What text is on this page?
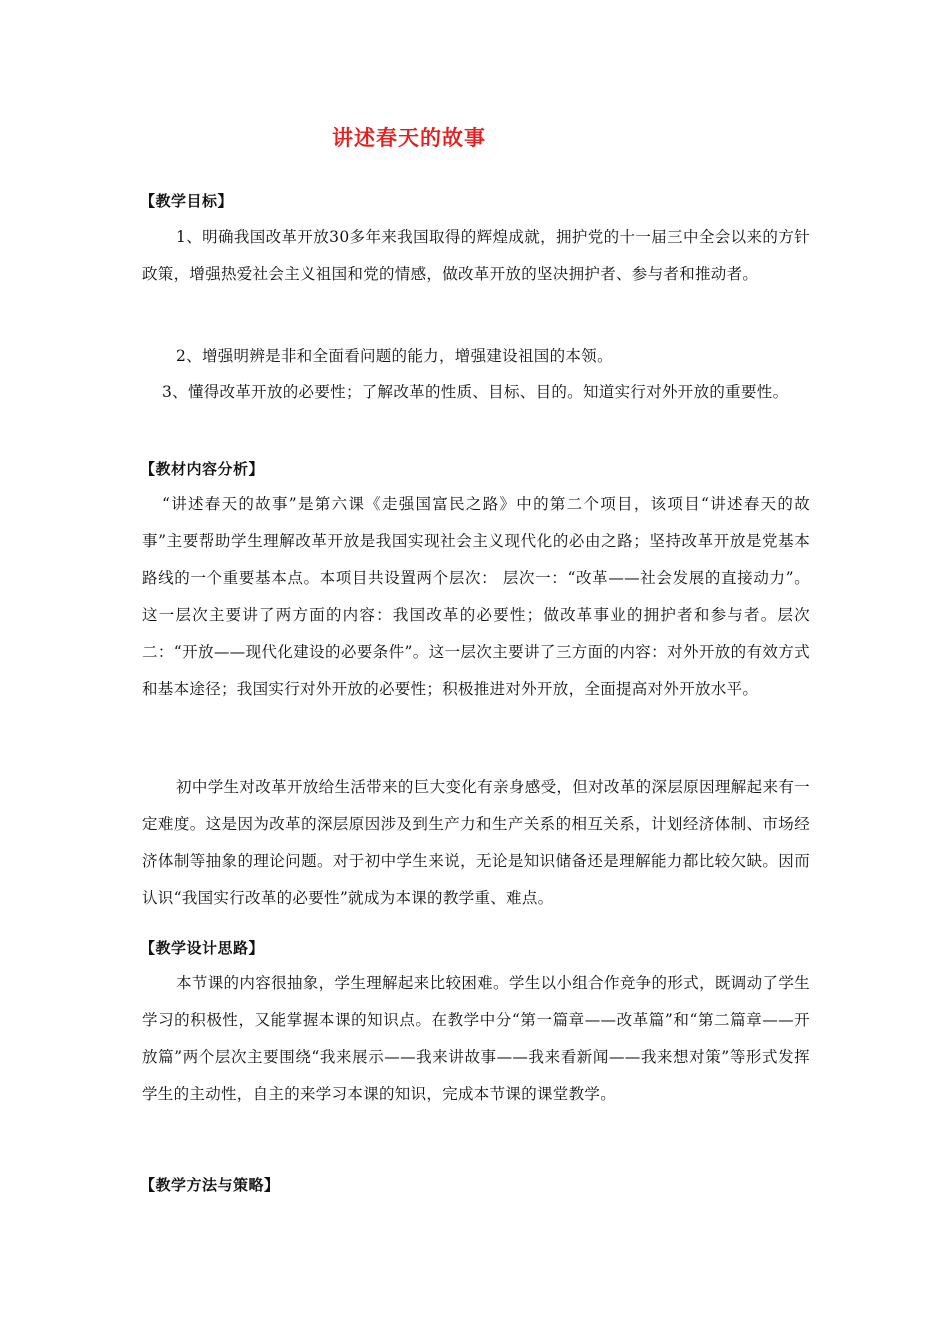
讲述春天的故事
【教学目标】
1、明确我国改革开放30多年来我国取得的辉煌成就，拥护党的十一届三中全会以来的方针政策，增强热爱社会主义祖国和党的情感，做改革开放的坚决拥护者、参与者和推动者。
2、增强明辨是非和全面看问题的能力，增强建设祖国的本领。
3、懂得改革开放的必要性；了解改革的性质、目标、目的。知道实行对外开放的重要性。
【教材内容分析】
“讲述春天的故事”是第六课《走强国富民之路》中的第二个项目，该项目“讲述春天的故事”主要帮助学生理解改革开放是我国实现社会主义现代化的必由之路；坚持改革开放是党基本路线的一个重要基本点。本项目共设置两个层次： 层次一：“改革——社会发展的直接动力”。这一层次主要讲了两方面的内容：我国改革的必要性；做改革事业的拥护者和参与者。层次二：“开放——现代化建设的必要条件”。这一层次主要讲了三方面的内容：对外开放的有效方式和基本途径；我国实行对外开放的必要性；积极推进对外开放，全面提高对外开放水平。
初中学生对改革开放给生活带来的巨大变化有亲身感受，但对改革的深层原因理解起来有一定难度。这是因为改革的深层原因涉及到生产力和生产关系的相互关系，计划经济体制、市场经济体制等抽象的理论问题。对于初中学生来说，无论是知识储备还是理解能力都比较欠缺。因而认识“我国实行改革的必要性”就成为本课的教学重、难点。
【教学设计思路】
本节课的内容很抽象，学生理解起来比较困难。学生以小组合作竞争的形式，既调动了学生学习的积极性，又能掌握本课的知识点。在教学中分“第一篇章——改革篇”和“第二篇章——开放篇”两个层次主要围绕“我来展示——我来讲故事——我来看新闻——我来想对策”等形式发挥学生的主动性，自主的来学习本课的知识，完成本节课的课堂教学。
【教学方法与策略】
